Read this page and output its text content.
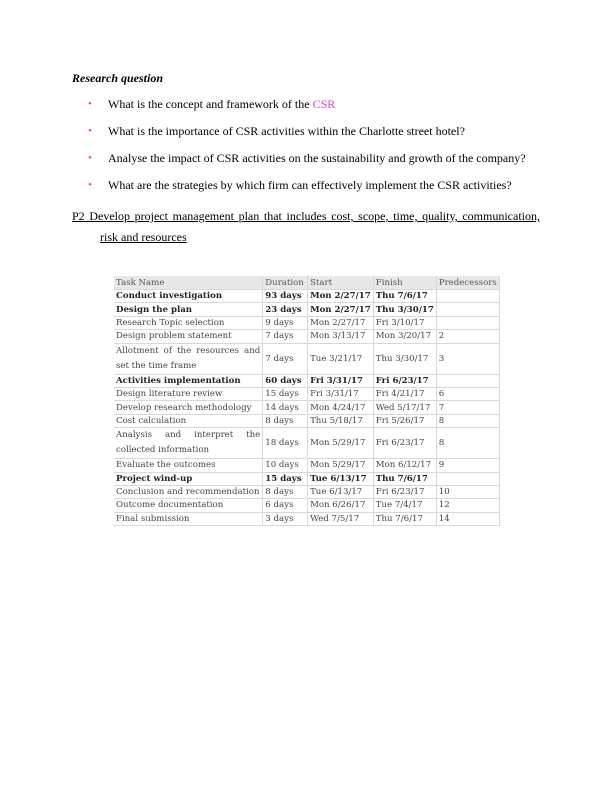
Research question
• What is the concept and framework of the CSR
• What is the importance of CSR activities within the Charlotte street hotel?
• Analyse the impact of CSR activities on the sustainability and growth of the company?
• What are the strategies by which firm can effectively implement the CSR activities?
P2 Develop project management plan that includes cost, scope, time, quality, communication,
risk and resources
Task Name	Duration	Start	Finish	Predecessors
Conduct investigation	93 days	Mon 2/27/17	Thu 7/6/17	
Design the plan	23 days	Mon 2/27/17	Thu 3/30/17	
Research Topic selection	9 days	Mon 2/27/17	Fri 3/10/17	
Design problem statement	7 days	Mon 3/13/17	Mon 3/20/17	2
Allotment of the resources and set the time frame	7 days	Tue 3/21/17	Thu 3/30/17	3
Activities implementation	60 days	Fri 3/31/17	Fri 6/23/17	
Design literature review	15 days	Fri 3/31/17	Fri 4/21/17	6
Develop research methodology	14 days	Mon 4/24/17	Wed 5/17/17	7
Cost calculation	8 days	Thu 5/18/17	Fri 5/26/17	8
Analysis and interpret the collected information	18 days	Mon 5/29/17	Fri 6/23/17	8
Evaluate the outcomes	10 days	Mon 5/29/17	Mon 6/12/17	9
Project wind-up	15 days	Tue 6/13/17	Thu 7/6/17	
Conclusion and recommendation	8 days	Tue 6/13/17	Fri 6/23/17	10
Outcome documentation	6 days	Mon 6/26/17	Tue 7/4/17	12
Final submission	3 days	Wed 7/5/17	Thu 7/6/17	14
